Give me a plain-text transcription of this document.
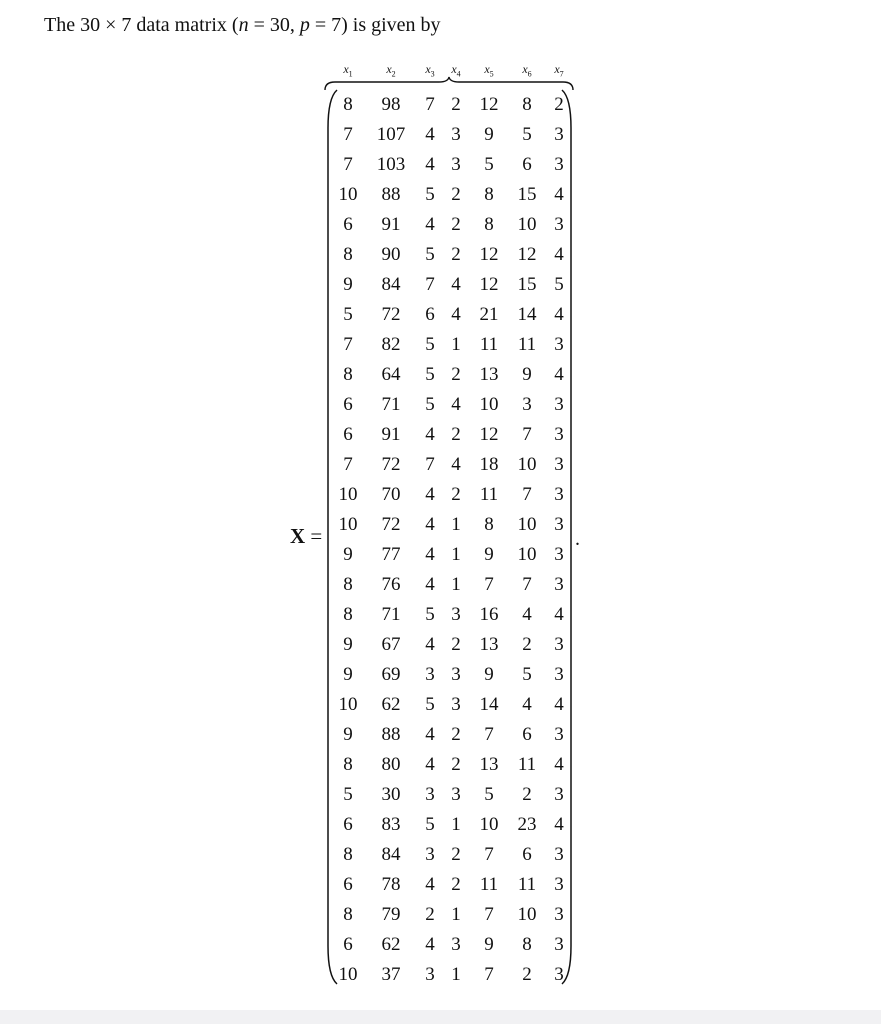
The 30 × 7 data matrix (n = 30, p = 7) is given by
X =
$x_1$	$x_2$ $x_3$ $x_4$ $x_5$ $x_6$ $x_7$
8 98 7 2 12 8 2
7 107 4 3 9 5 3
7 103 4 3 5 6 3
10 88 5 2 8 15 4
6 91 4 2 8 10 3
8 90 5 2 12 12 4
9 84 7 4 12 15 5
5 72 6 4 21 14 4
7 82 5 1 11 11 3
8 64 5 2 13 9 4
6 71 5 4 10 3 3
6 91 4 2 12 7 3
7 72 7 4 18 10 3
10 70 4 2 11 7 3
10 72 4 1 8 10 3
9 77 4 1 9 10 3
8 76 4 1 7 7 3
8 71 5 3 16 4 4
9 67 4 2 13 2 3
9 69 3 3 9 5 3
10 62 5 3 14 4 4
9 88 4 2 7 6 3
8 80 4 2 13 11 4
5 30 3 3 5 2 3
6 83 5 1 10 23 4
8 84 3 2 7 6 3
6 78 4 2 11 11 3
8 79 2 1 7 10 3
6 62 4 3 9 8 3
10 37 3 1 7 2 3
.
